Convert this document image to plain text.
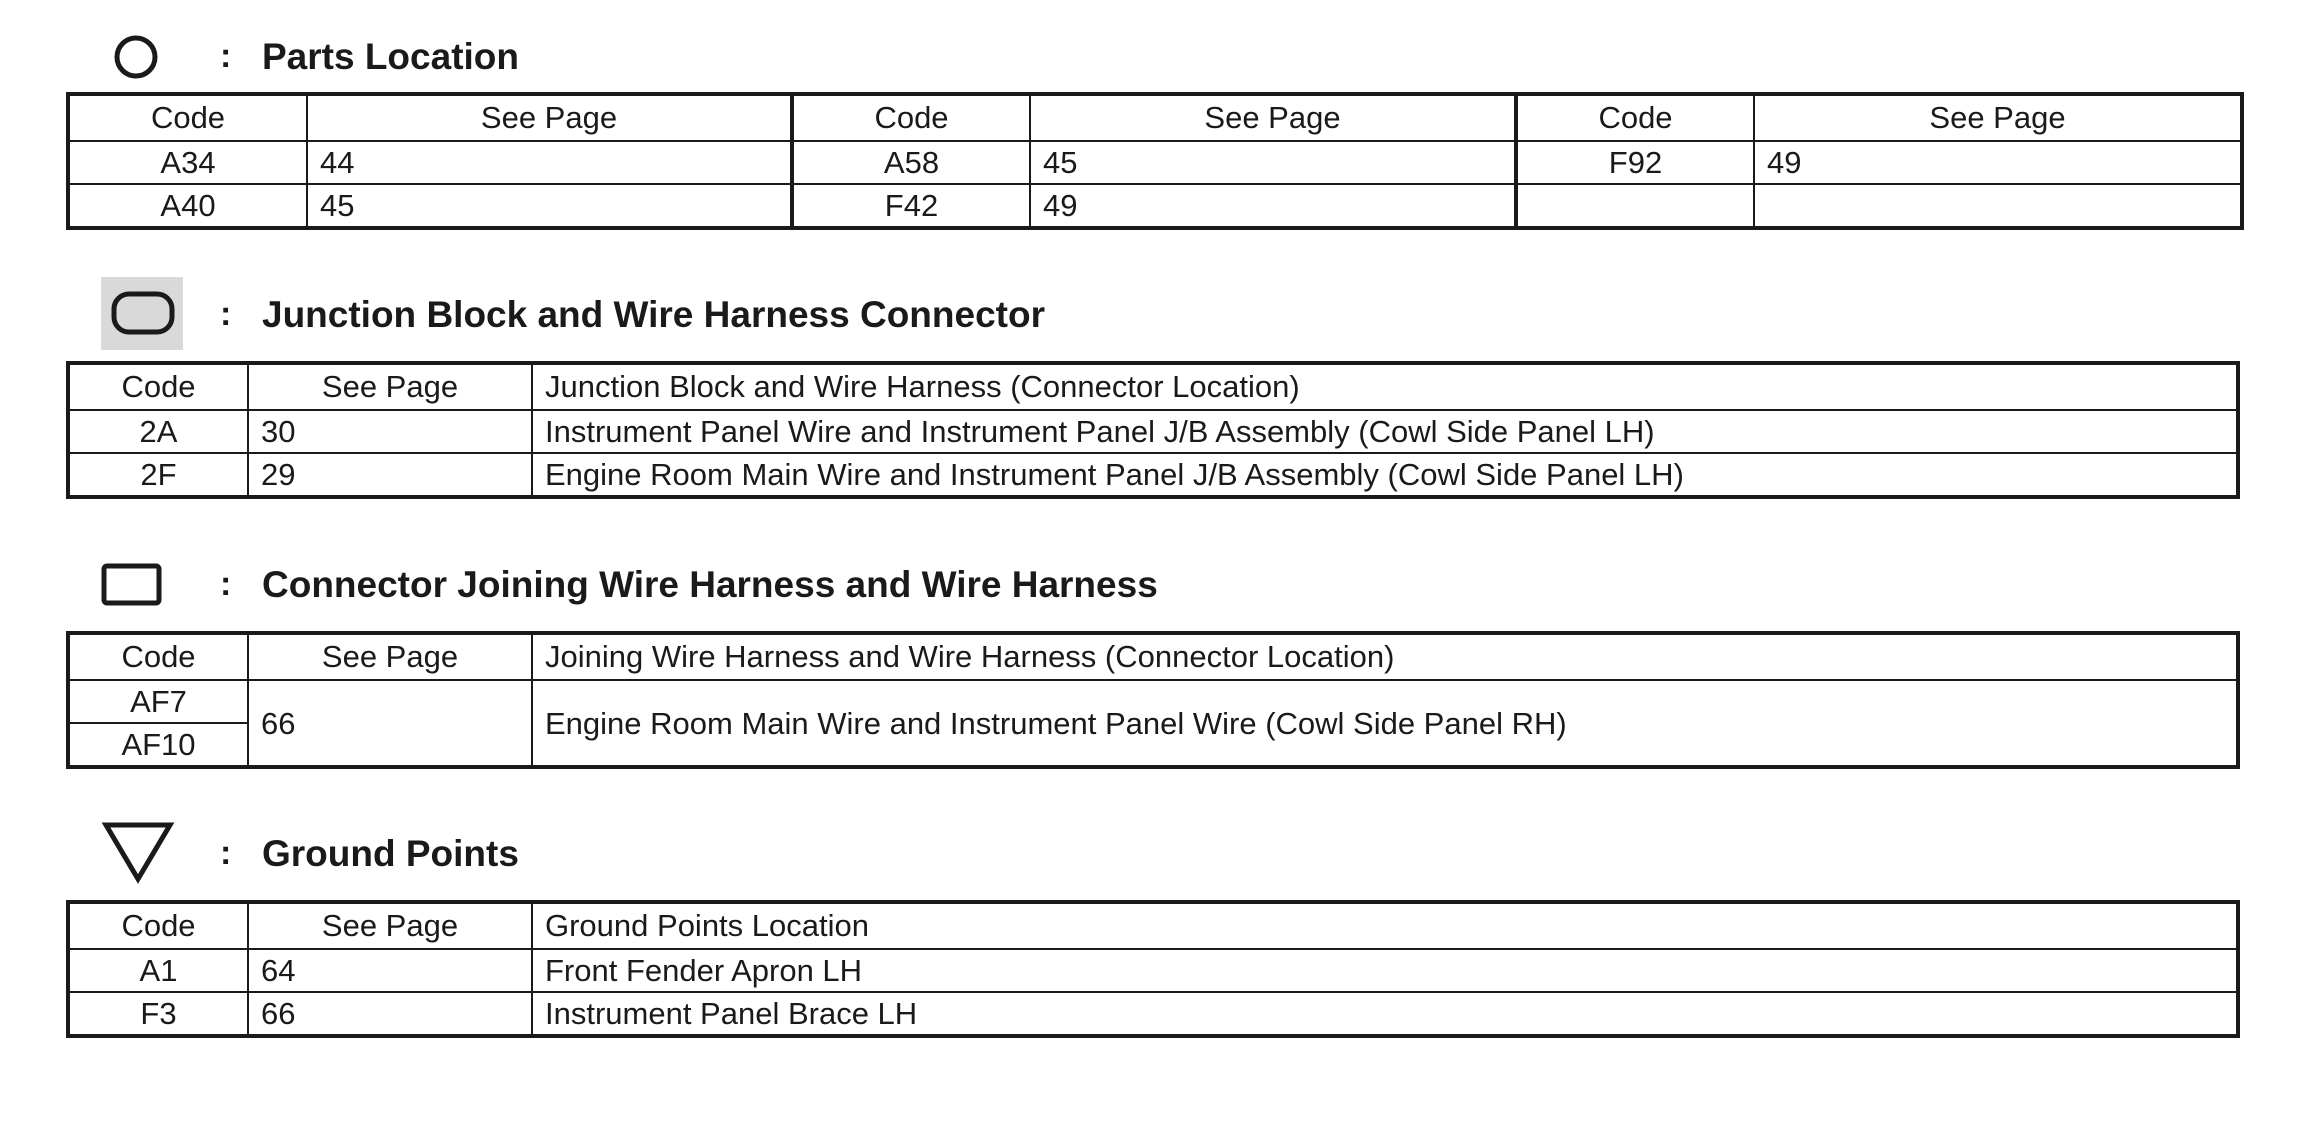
: Parts Location
Code	See Page	Code	See Page	Code	See Page
A34	44	A58	45	F92	49
A40	45	F42	49		
: Junction Block and Wire Harness Connector
Code	See Page	Junction Block and Wire Harness (Connector Location)
2A	30	Instrument Panel Wire and Instrument Panel J/B Assembly (Cowl Side Panel LH)
2F	29	Engine Room Main Wire and Instrument Panel J/B Assembly (Cowl Side Panel LH)
: Connector Joining Wire Harness and Wire Harness
Code	See Page	Joining Wire Harness and Wire Harness (Connector Location)
AF7	66	Engine Room Main Wire and Instrument Panel Wire (Cowl Side Panel RH)
AF10		
: Ground Points
Code	See Page	Ground Points Location
A1	64	Front Fender Apron LH
F3	66	Instrument Panel Brace LH
